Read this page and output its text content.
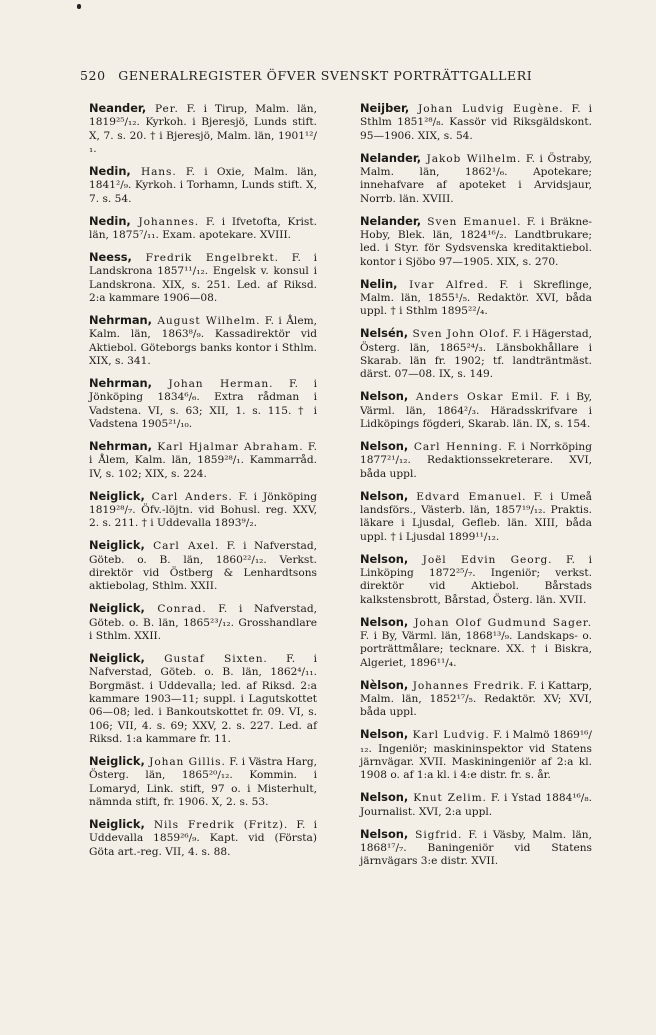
520 GENERALREGISTER ÖFVER SVENSKT PORTRÄTTGALLERI

Neander, Per. F. i Tirup, Malm. län, 1819²⁵/₁₂. Kyrkoh. i Bjeresjö, Lunds stift. X, 7. s. 20. † i Bjeresjö, Malm. län, 1901¹²/₁.

Nedin, Hans. F. i Oxie, Malm. län, 1841²/₉. Kyrkoh. i Torhamn, Lunds stift. X, 7. s. 54.

Nedin, Johannes. F. i Ifvetofta, Krist. län, 1875⁷/₁₁. Exam. apotekare. XVIII.

Neess, Fredrik Engelbrekt. F. i Landskrona 1857¹¹/₁₂. Engelsk v. konsul i Landskrona. XIX, s. 251. Led. af Riksd. 2:a kammare 1906—08.

Nehrman, August Wilhelm. F. i Ålem, Kalm. län, 1863⁸/₉. Kassadirektör vid Aktiebol. Göteborgs banks kontor i Sthlm. XIX, s. 341.

Nehrman, Johan Herman. F. i Jönköping 1834⁶/₆. Extra rådman i Vadstena. VI, s. 63; XII, 1. s. 115. † i Vadstena 1905²¹/₁₀.

Nehrman, Karl Hjalmar Abraham. F. i Ålem, Kalm. län, 1859²⁸/₁. Kammarråd. IV, s. 102; XIX, s. 224.

Neiglick, Carl Anders. F. i Jönköping 1819²⁸/₇. Öfv.-löjtn. vid Bohusl. reg. XXV, 2. s. 211. † i Uddevalla 1893⁹/₂.

Neiglick, Carl Axel. F. i Nafverstad, Göteb. o. B. län, 1860²²/₁₂. Verkst. direktör vid Östberg & Lenhardtsons aktiebolag, Sthlm. XXII.

Neiglick, Conrad. F. i Nafverstad, Göteb. o. B. län, 1865²³/₁₂. Grosshandlare i Sthlm. XXII.

Neiglick, Gustaf Sixten. F. i Nafverstad, Göteb. o. B. län, 1862⁴/₁₁. Borgmäst. i Uddevalla; led. af Riksd. 2:a kammare 1903—11; suppl. i Lagutskottet 06—08; led. i Bankoutskottet fr. 09. VI, s. 106; VII, 4. s. 69; XXV, 2. s. 227. Led. af Riksd. 1:a kammare fr. 11.

Neiglick, Johan Gillis. F. i Västra Harg, Österg. län, 1865²⁰/₁₂. Kommin. i Lomaryd, Link. stift, 97 o. i Misterhult, nämnda stift, fr. 1906. X, 2. s. 53.

Neiglick, Nils Fredrik (Fritz). F. i Uddevalla 1859²⁶/₉. Kapt. vid (Första) Göta art.-reg. VII, 4. s. 88.

Neijber, Johan Ludvig Eugène. F. i Sthlm 1851²⁸/₈. Kassör vid Riksgäldskont. 95—1906. XIX, s. 54.

Nelander, Jakob Wilhelm. F. i Östraby, Malm. län, 1862¹/₆. Apotekare; innehafvare af apoteket i Arvidsjaur, Norrb. län. XVIII.

Nelander, Sven Emanuel. F. i Bräkne-Hoby, Blek. län, 1824¹⁶/₂. Landtbrukare; led. i Styr. för Sydsvenska kreditaktiebol. kontor i Sjöbo 97—1905. XIX, s. 270.

Nelin, Ivar Alfred. F. i Skreflinge, Malm. län, 1855¹/₅. Redaktör. XVI, båda uppl. † i Sthlm 1895²²/₄.

Nelsén, Sven John Olof. F. i Hägerstad, Österg. län, 1865²⁴/₃. Länsbokhållare i Skarab. län fr. 1902; tf. landträntmäst. därst. 07—08. IX, s. 149.

Nelson, Anders Oskar Emil. F. i By, Värml. län, 1864²/₃. Häradsskrifvare i Lidköpings fögderi, Skarab. län. IX, s. 154.

Nelson, Carl Henning. F. i Norrköping 1877²¹/₁₂. Redaktionssekreterare. XVI, båda uppl.

Nelson, Edvard Emanuel. F. i Umeå landsförs., Västerb. län, 1857¹⁹/₁₂. Praktis. läkare i Ljusdal, Gefleb. län. XIII, båda uppl. † i Ljusdal 1899¹¹/₁₂.

Nelson, Joël Edvin Georg. F. i Linköping 1872²⁵/₇. Ingeniör; verkst. direktör vid Aktiebol. Bårstads kalkstensbrott, Bårstad, Österg. län. XVII.

Nelson, Johan Olof Gudmund Sager. F. i By, Värml. län, 1868¹³/₉. Landskaps- o. porträttmålare; tecknare. XX. † i Biskra, Algeriet, 1896¹¹/₄.

Nèlson, Johannes Fredrik. F. i Kattarp, Malm. län, 1852¹⁷/₅. Redaktör. XV; XVI, båda uppl.

Nelson, Karl Ludvig. F. i Malmö 1869¹⁶/₁₂. Ingeniör; maskininspektor vid Statens järnvägar. XVII. Maskiningeniör af 2:a kl. 1908 o. af 1:a kl. i 4:e distr. fr. s. år.

Nelson, Knut Zelim. F. i Ystad 1884¹⁶/₈. Journalist. XVI, 2:a uppl.

Nelson, Sigfrid. F. i Väsby, Malm. län, 1868¹⁷/₇. Baningeniör vid Statens järnvägars 3:e distr. XVII.
